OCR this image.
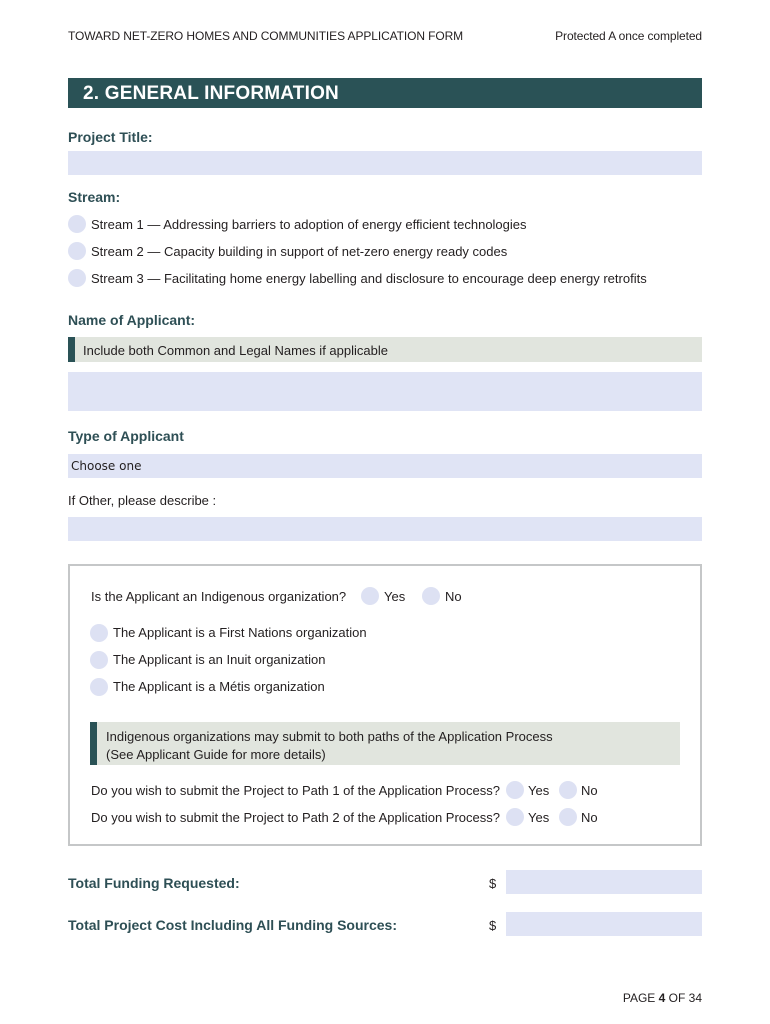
TOWARD NET-ZERO HOMES AND COMMUNITIES APPLICATION FORM	Protected A once completed
2. GENERAL INFORMATION
Project Title:
Stream:
Stream 1 — Addressing barriers to adoption of energy efficient technologies
Stream 2 — Capacity building in support of net-zero energy ready codes
Stream 3 — Facilitating home energy labelling and disclosure to encourage deep energy retrofits
Name of Applicant:
Include both Common and Legal Names if applicable
Type of Applicant
Choose one
If Other, please describe :
Is the Applicant an Indigenous organization?	Yes	No
The Applicant is a First Nations organization
The Applicant is an Inuit organization
The Applicant is a Métis organization
Indigenous organizations may submit to both paths of the Application Process
(See Applicant Guide for more details)
Do you wish to submit the Project to Path 1 of the Application Process? Yes No
Do you wish to submit the Project to Path 2 of the Application Process? Yes No
Total Funding Requested:	$
Total Project Cost Including All Funding Sources:	$
PAGE 4 OF 34
